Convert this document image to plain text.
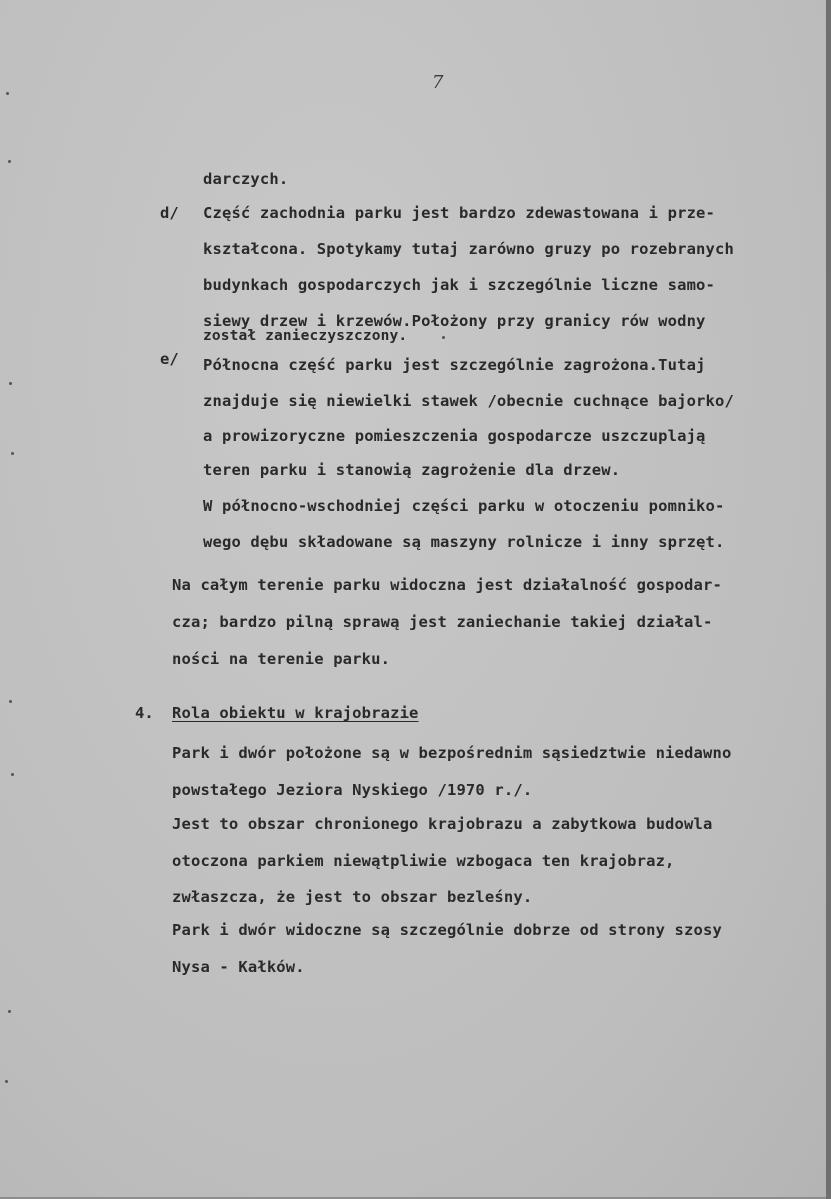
7
darczych.
d/ Część zachodnia parku jest bardzo zdewastowana i prze-
kształcona. Spotykamy tutaj zarówno gruzy po rozebranych
budynkach gospodarczych jak i szczególnie liczne samo-
siewy drzew i krzewów.Położony przy granicy rów wodny
został zanieczyszczony.
e/ Północna część parku jest szczególnie zagrożona.Tutaj
znajduje się niewielki stawek /obecnie cuchnące bajorko/
a prowizoryczne pomieszczenia gospodarcze uszczuplają
teren parku i stanowią zagrożenie dla drzew.
W północno-wschodniej części parku w otoczeniu pomniko-
wego dębu składowane są maszyny rolnicze i inny sprzęt.
Na całym terenie parku widoczna jest działalność gospodar-
cza; bardzo pilną sprawą jest zaniechanie takiej działal-
ności na terenie parku.
4. Rola obiektu w krajobrazie
Park i dwór położone są w bezpośrednim sąsiedztwie niedawno
powstałego Jeziora Nyskiego /1970 r./.
Jest to obszar chronionego krajobrazu a zabytkowa budowla
otoczona parkiem niewątpliwie wzbogaca ten krajobraz,
zwłaszcza, że jest to obszar bezleśny.
Park i dwór widoczne są szczególnie dobrze od strony szosy
Nysa - Kałków.
